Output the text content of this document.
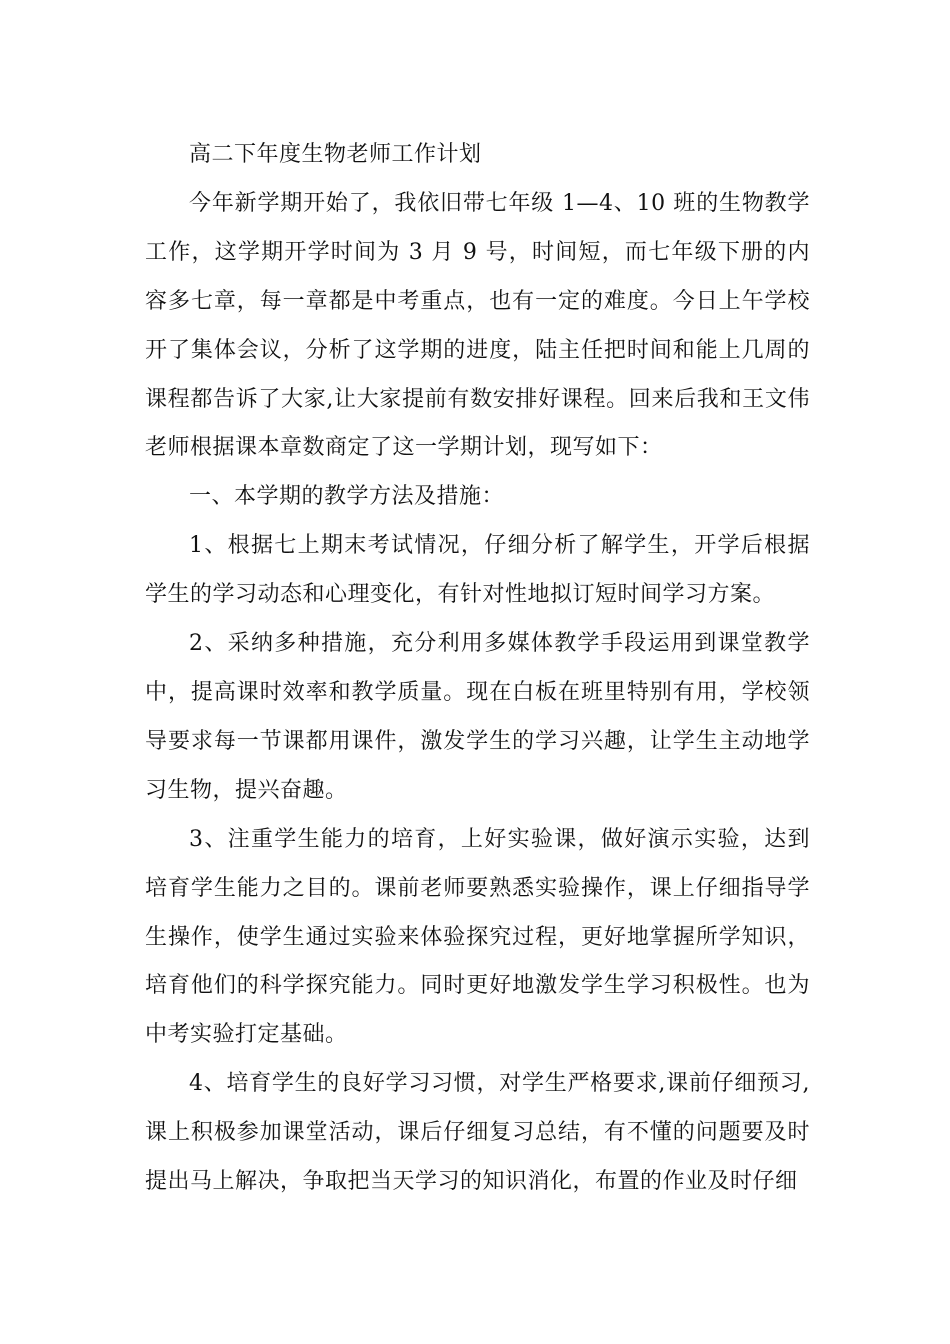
高二下年度生物老师工作计划

今年新学期开始了，我依旧带七年级 1—4、10 班的生物教学工作，这学期开学时间为 3 月 9 号，时间短，而七年级下册的内容多七章，每一章都是中考重点，也有一定的难度。今日上午学校开了集体会议，分析了这学期的进度，陆主任把时间和能上几周的课程都告诉了大家,让大家提前有数安排好课程。回来后我和王文伟老师根据课本章数商定了这一学期计划，现写如下：

一、本学期的教学方法及措施：

1、根据七上期末考试情况，仔细分析了解学生，开学后根据学生的学习动态和心理变化，有针对性地拟订短时间学习方案。

2、采纳多种措施，充分利用多媒体教学手段运用到课堂教学中，提高课时效率和教学质量。现在白板在班里特别有用，学校领导要求每一节课都用课件，激发学生的学习兴趣，让学生主动地学习生物，提兴奋趣。

3、注重学生能力的培育，上好实验课，做好演示实验，达到培育学生能力之目的。课前老师要熟悉实验操作，课上仔细指导学生操作，使学生通过实验来体验探究过程，更好地掌握所学知识，培育他们的科学探究能力。同时更好地激发学生学习积极性。也为中考实验打定基础。

4、培育学生的良好学习习惯，对学生严格要求,课前仔细预习,课上积极参加课堂活动，课后仔细复习总结，有不懂的问题要及时提出马上解决，争取把当天学习的知识消化，布置的作业及时仔细
